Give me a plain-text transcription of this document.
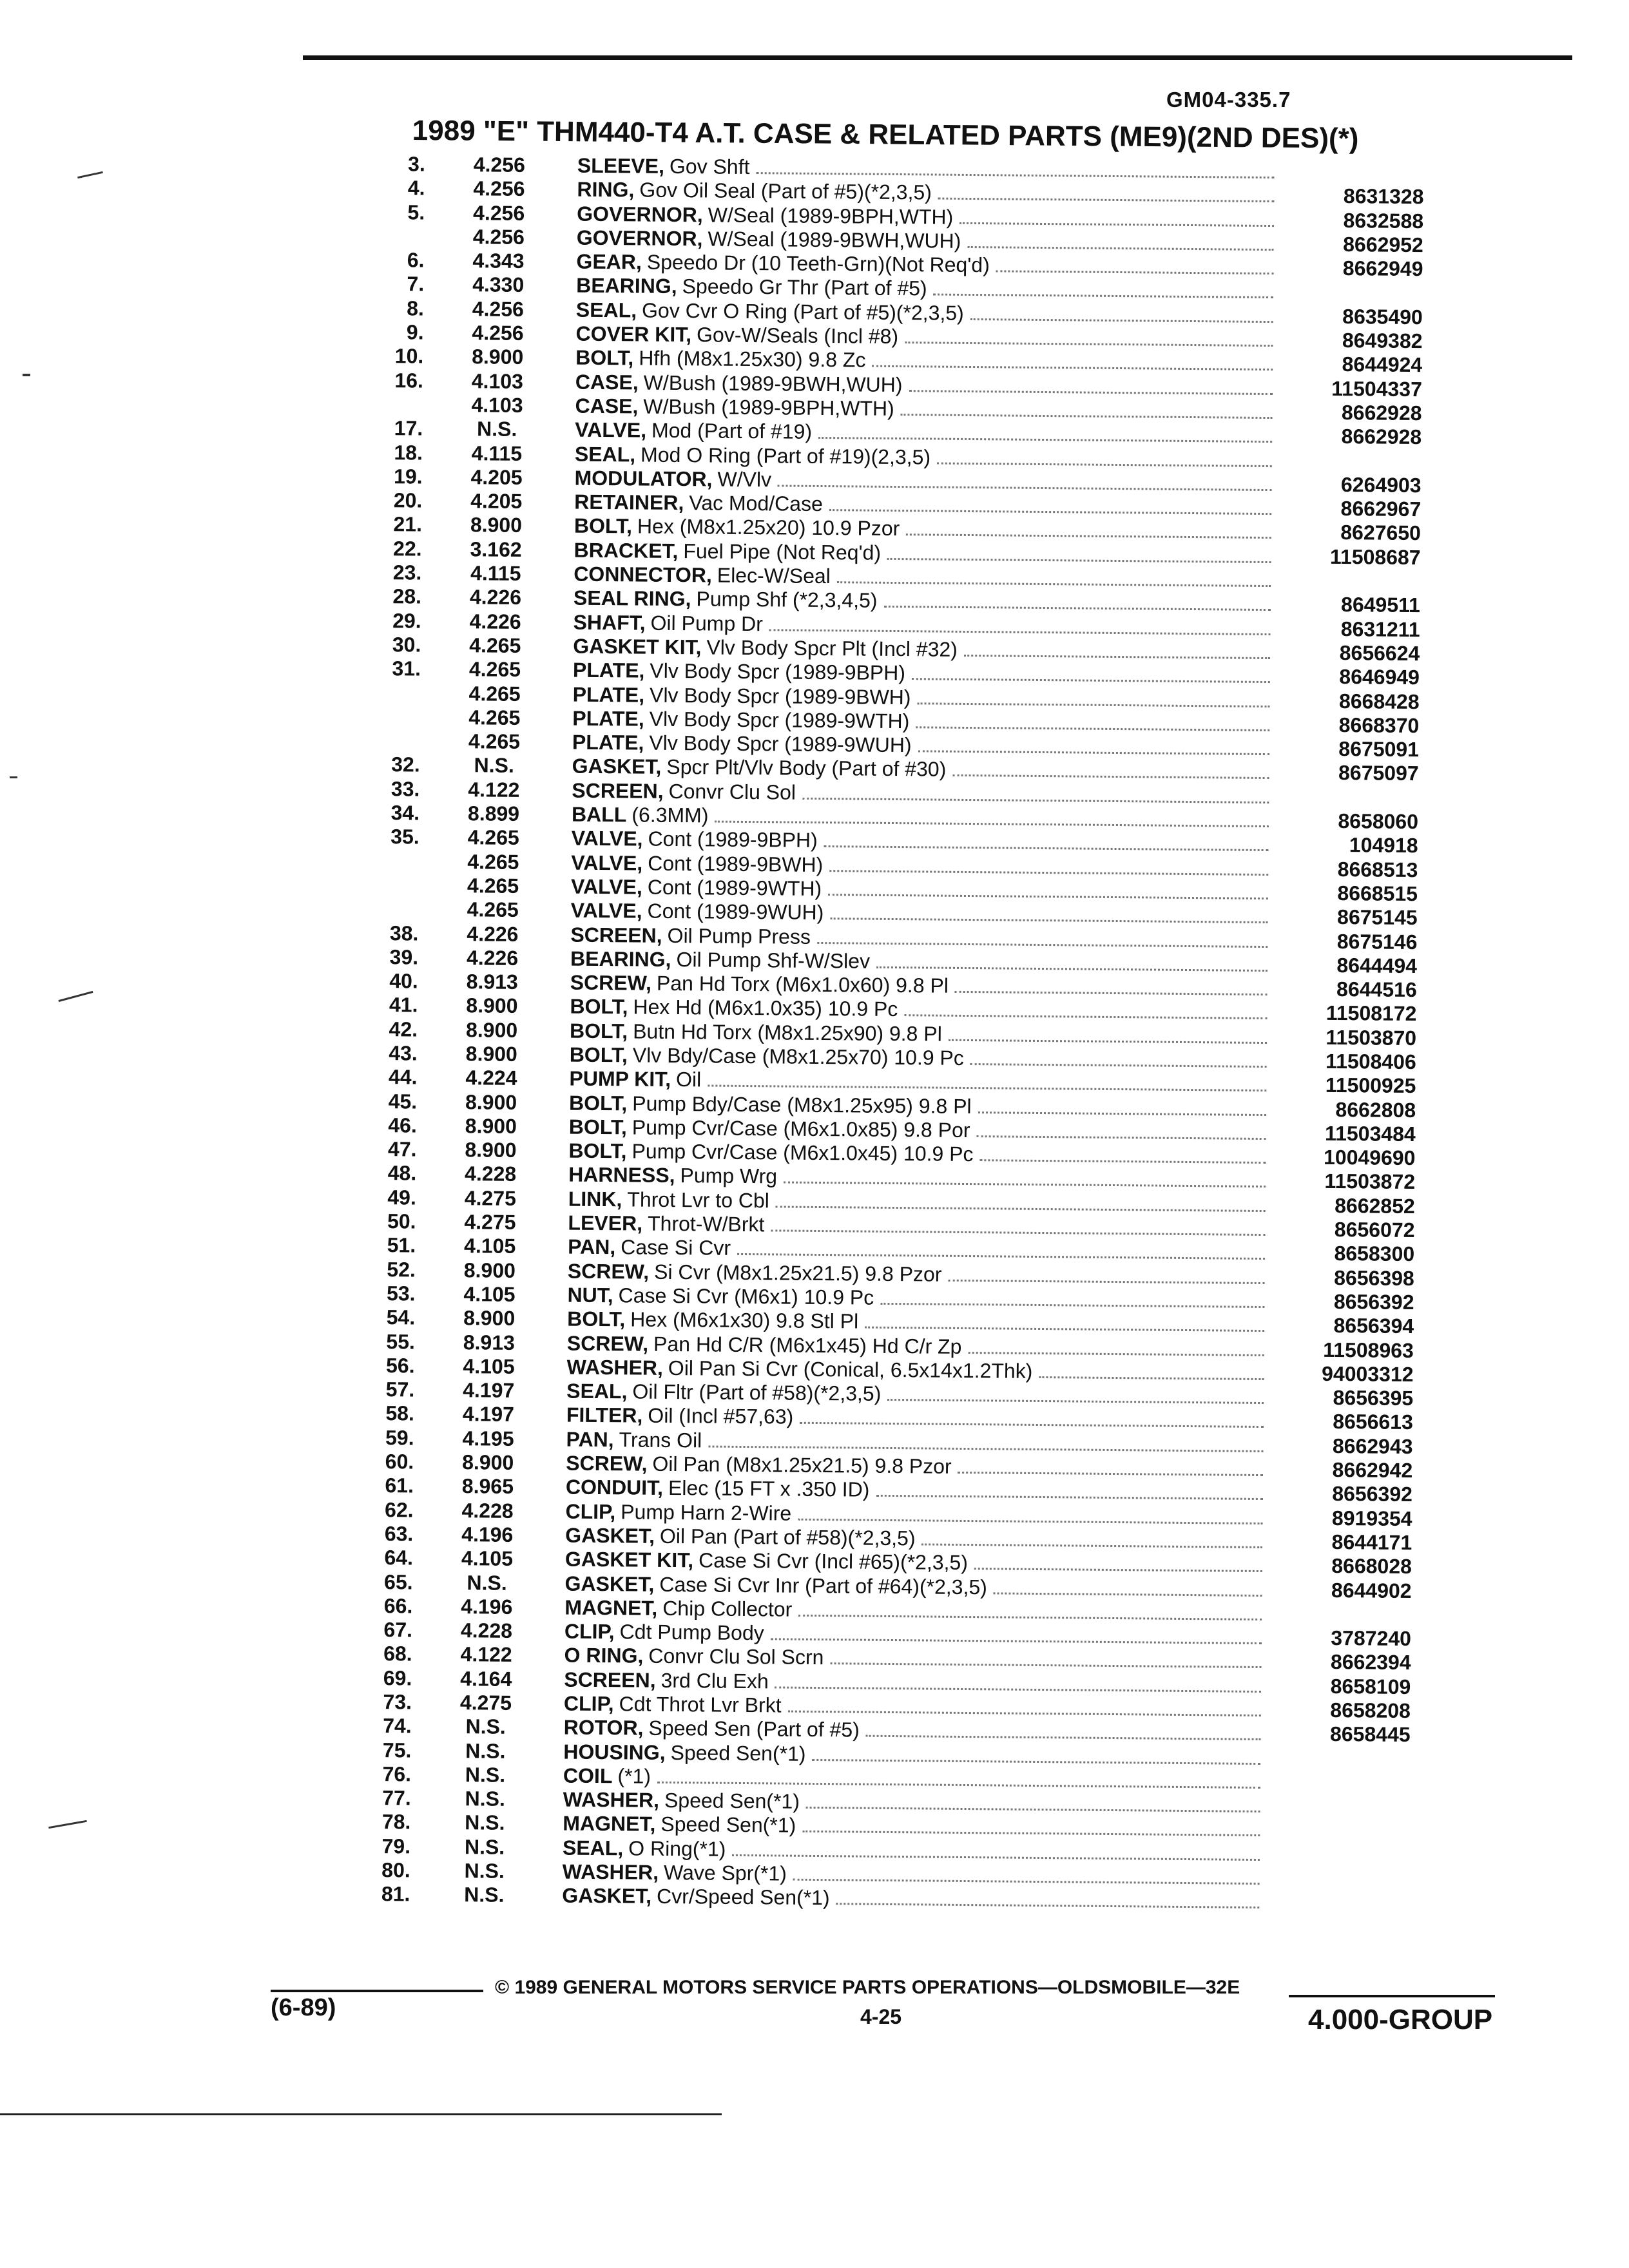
GM04-335.7
1989 "E" THM440-T4 A.T. CASE & RELATED PARTS (ME9)(2ND DES)(*)
3.	4.256	SLEEVE, Gov Shft
4.	4.256	RING, Gov Oil Seal (Part of #5)(*2,3,5)	8631328
5.	4.256	GOVERNOR, W/Seal (1989-9BPH,WTH)	8632588
4.256	GOVERNOR, W/Seal (1989-9BWH,WUH)	8662952
6.	4.343	GEAR, Speedo Dr (10 Teeth-Grn)(Not Req'd)	8662949
7.	4.330	BEARING, Speedo Gr Thr (Part of #5)
8.	4.256	SEAL, Gov Cvr O Ring (Part of #5)(*2,3,5)	8635490
9.	4.256	COVER KIT, Gov-W/Seals (Incl #8)	8649382
10.	8.900	BOLT, Hfh (M8x1.25x30) 9.8 Zc	8644924
16.	4.103	CASE, W/Bush (1989-9BWH,WUH)	11504337
4.103	CASE, W/Bush (1989-9BPH,WTH)	8662928
17.	N.S.	VALVE, Mod (Part of #19)	8662928
18.	4.115	SEAL, Mod O Ring (Part of #19)(2,3,5)
19.	4.205	MODULATOR, W/Vlv	6264903
20.	4.205	RETAINER, Vac Mod/Case	8662967
21.	8.900	BOLT, Hex (M8x1.25x20) 10.9 Pzor	8627650
22.	3.162	BRACKET, Fuel Pipe (Not Req'd)	11508687
23.	4.115	CONNECTOR, Elec-W/Seal
28.	4.226	SEAL RING, Pump Shf (*2,3,4,5)	8649511
29.	4.226	SHAFT, Oil Pump Dr	8631211
30.	4.265	GASKET KIT, Vlv Body Spcr Plt (Incl #32)	8656624
31.	4.265	PLATE, Vlv Body Spcr (1989-9BPH)	8646949
4.265	PLATE, Vlv Body Spcr (1989-9BWH)	8668428
4.265	PLATE, Vlv Body Spcr (1989-9WTH)	8668370
4.265	PLATE, Vlv Body Spcr (1989-9WUH)	8675091
32.	N.S.	GASKET, Spcr Plt/Vlv Body (Part of #30)	8675097
33.	4.122	SCREEN, Convr Clu Sol
34.	8.899	BALL (6.3MM)	8658060
35.	4.265	VALVE, Cont (1989-9BPH)	104918
4.265	VALVE, Cont (1989-9BWH)	8668513
4.265	VALVE, Cont (1989-9WTH)	8668515
4.265	VALVE, Cont (1989-9WUH)	8675145
38.	4.226	SCREEN, Oil Pump Press	8675146
39.	4.226	BEARING, Oil Pump Shf-W/Slev	8644494
40.	8.913	SCREW, Pan Hd Torx (M6x1.0x60) 9.8 Pl	8644516
41.	8.900	BOLT, Hex Hd (M6x1.0x35) 10.9 Pc	11508172
42.	8.900	BOLT, Butn Hd Torx (M8x1.25x90) 9.8 Pl	11503870
43.	8.900	BOLT, Vlv Bdy/Case (M8x1.25x70) 10.9 Pc	11508406
44.	4.224	PUMP KIT, Oil	11500925
45.	8.900	BOLT, Pump Bdy/Case (M8x1.25x95) 9.8 Pl	8662808
46.	8.900	BOLT, Pump Cvr/Case (M6x1.0x85) 9.8 Por	11503484
47.	8.900	BOLT, Pump Cvr/Case (M6x1.0x45) 10.9 Pc	10049690
48.	4.228	HARNESS, Pump Wrg	11503872
49.	4.275	LINK, Throt Lvr to Cbl	8662852
50.	4.275	LEVER, Throt-W/Brkt	8656072
51.	4.105	PAN, Case Si Cvr	8658300
52.	8.900	SCREW, Si Cvr (M8x1.25x21.5) 9.8 Pzor	8656398
53.	4.105	NUT, Case Si Cvr (M6x1) 10.9 Pc	8656392
54.	8.900	BOLT, Hex (M6x1x30) 9.8 Stl Pl	8656394
55.	8.913	SCREW, Pan Hd C/R (M6x1x45) Hd C/r Zp	11508963
56.	4.105	WASHER, Oil Pan Si Cvr (Conical, 6.5x14x1.2Thk)	94003312
57.	4.197	SEAL, Oil Fltr (Part of #58)(*2,3,5)	8656395
58.	4.197	FILTER, Oil (Incl #57,63)	8656613
59.	4.195	PAN, Trans Oil	8662943
60.	8.900	SCREW, Oil Pan (M8x1.25x21.5) 9.8 Pzor	8662942
61.	8.965	CONDUIT, Elec (15 FT x .350 ID)	8656392
62.	4.228	CLIP, Pump Harn 2-Wire	8919354
63.	4.196	GASKET, Oil Pan (Part of #58)(*2,3,5)	8644171
64.	4.105	GASKET KIT, Case Si Cvr (Incl #65)(*2,3,5)	8668028
65.	N.S.	GASKET, Case Si Cvr Inr (Part of #64)(*2,3,5)	8644902
66.	4.196	MAGNET, Chip Collector
67.	4.228	CLIP, Cdt Pump Body	3787240
68.	4.122	O RING, Convr Clu Sol Scrn	8662394
69.	4.164	SCREEN, 3rd Clu Exh	8658109
73.	4.275	CLIP, Cdt Throt Lvr Brkt	8658208
74.	N.S.	ROTOR, Speed Sen (Part of #5)	8658445
75.	N.S.	HOUSING, Speed Sen(*1)
76.	N.S.	COIL (*1)
77.	N.S.	WASHER, Speed Sen(*1)
78.	N.S.	MAGNET, Speed Sen(*1)
79.	N.S.	SEAL, O Ring(*1)
80.	N.S.	WASHER, Wave Spr(*1)
81.	N.S.	GASKET, Cvr/Speed Sen(*1)
© 1989 GENERAL MOTORS SERVICE PARTS OPERATIONS—OLDSMOBILE—32E
(6-89)	4-25	4.000-GROUP
